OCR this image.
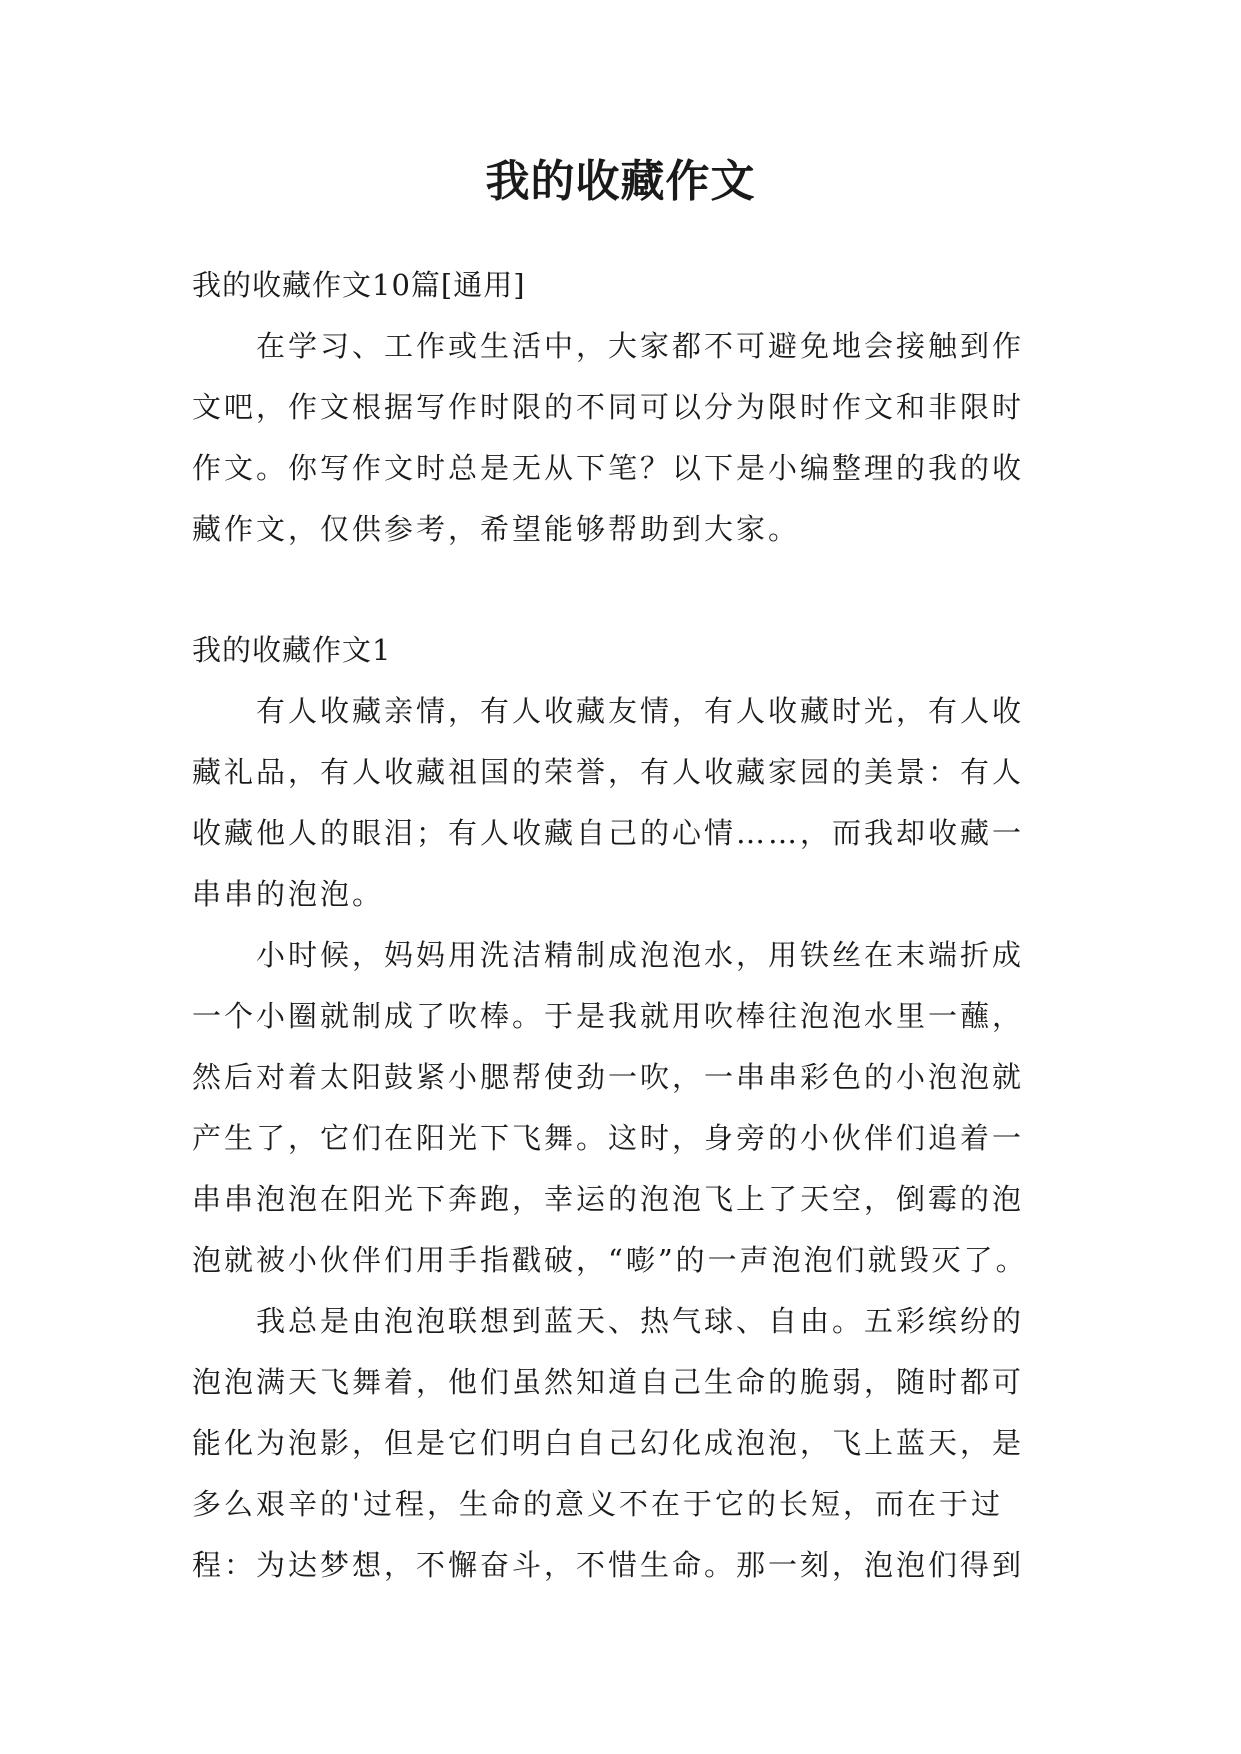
我的收藏作文
我的收藏作文10篇[通用]
在学习、工作或生活中，大家都不可避免地会接触到作
文吧，作文根据写作时限的不同可以分为限时作文和非限时
作文。你写作文时总是无从下笔？以下是小编整理的我的收
藏作文，仅供参考，希望能够帮助到大家。
我的收藏作文1
有人收藏亲情，有人收藏友情，有人收藏时光，有人收
藏礼品，有人收藏祖国的荣誉，有人收藏家园的美景：有人
收藏他人的眼泪；有人收藏自己的心情……，而我却收藏一
串串的泡泡。
小时候，妈妈用洗洁精制成泡泡水，用铁丝在末端折成
一个小圈就制成了吹棒。于是我就用吹棒往泡泡水里一蘸，
然后对着太阳鼓紧小腮帮使劲一吹，一串串彩色的小泡泡就
产生了，它们在阳光下飞舞。这时，身旁的小伙伴们追着一
串串泡泡在阳光下奔跑，幸运的泡泡飞上了天空，倒霉的泡
泡就被小伙伴们用手指戳破，“嘭”的一声泡泡们就毁灭了。
我总是由泡泡联想到蓝天、热气球、自由。五彩缤纷的
泡泡满天飞舞着，他们虽然知道自己生命的脆弱，随时都可
能化为泡影，但是它们明白自己幻化成泡泡，飞上蓝天，是
多么艰辛的'过程，生命的意义不在于它的长短，而在于过
程：为达梦想，不懈奋斗，不惜生命。那一刻，泡泡们得到
